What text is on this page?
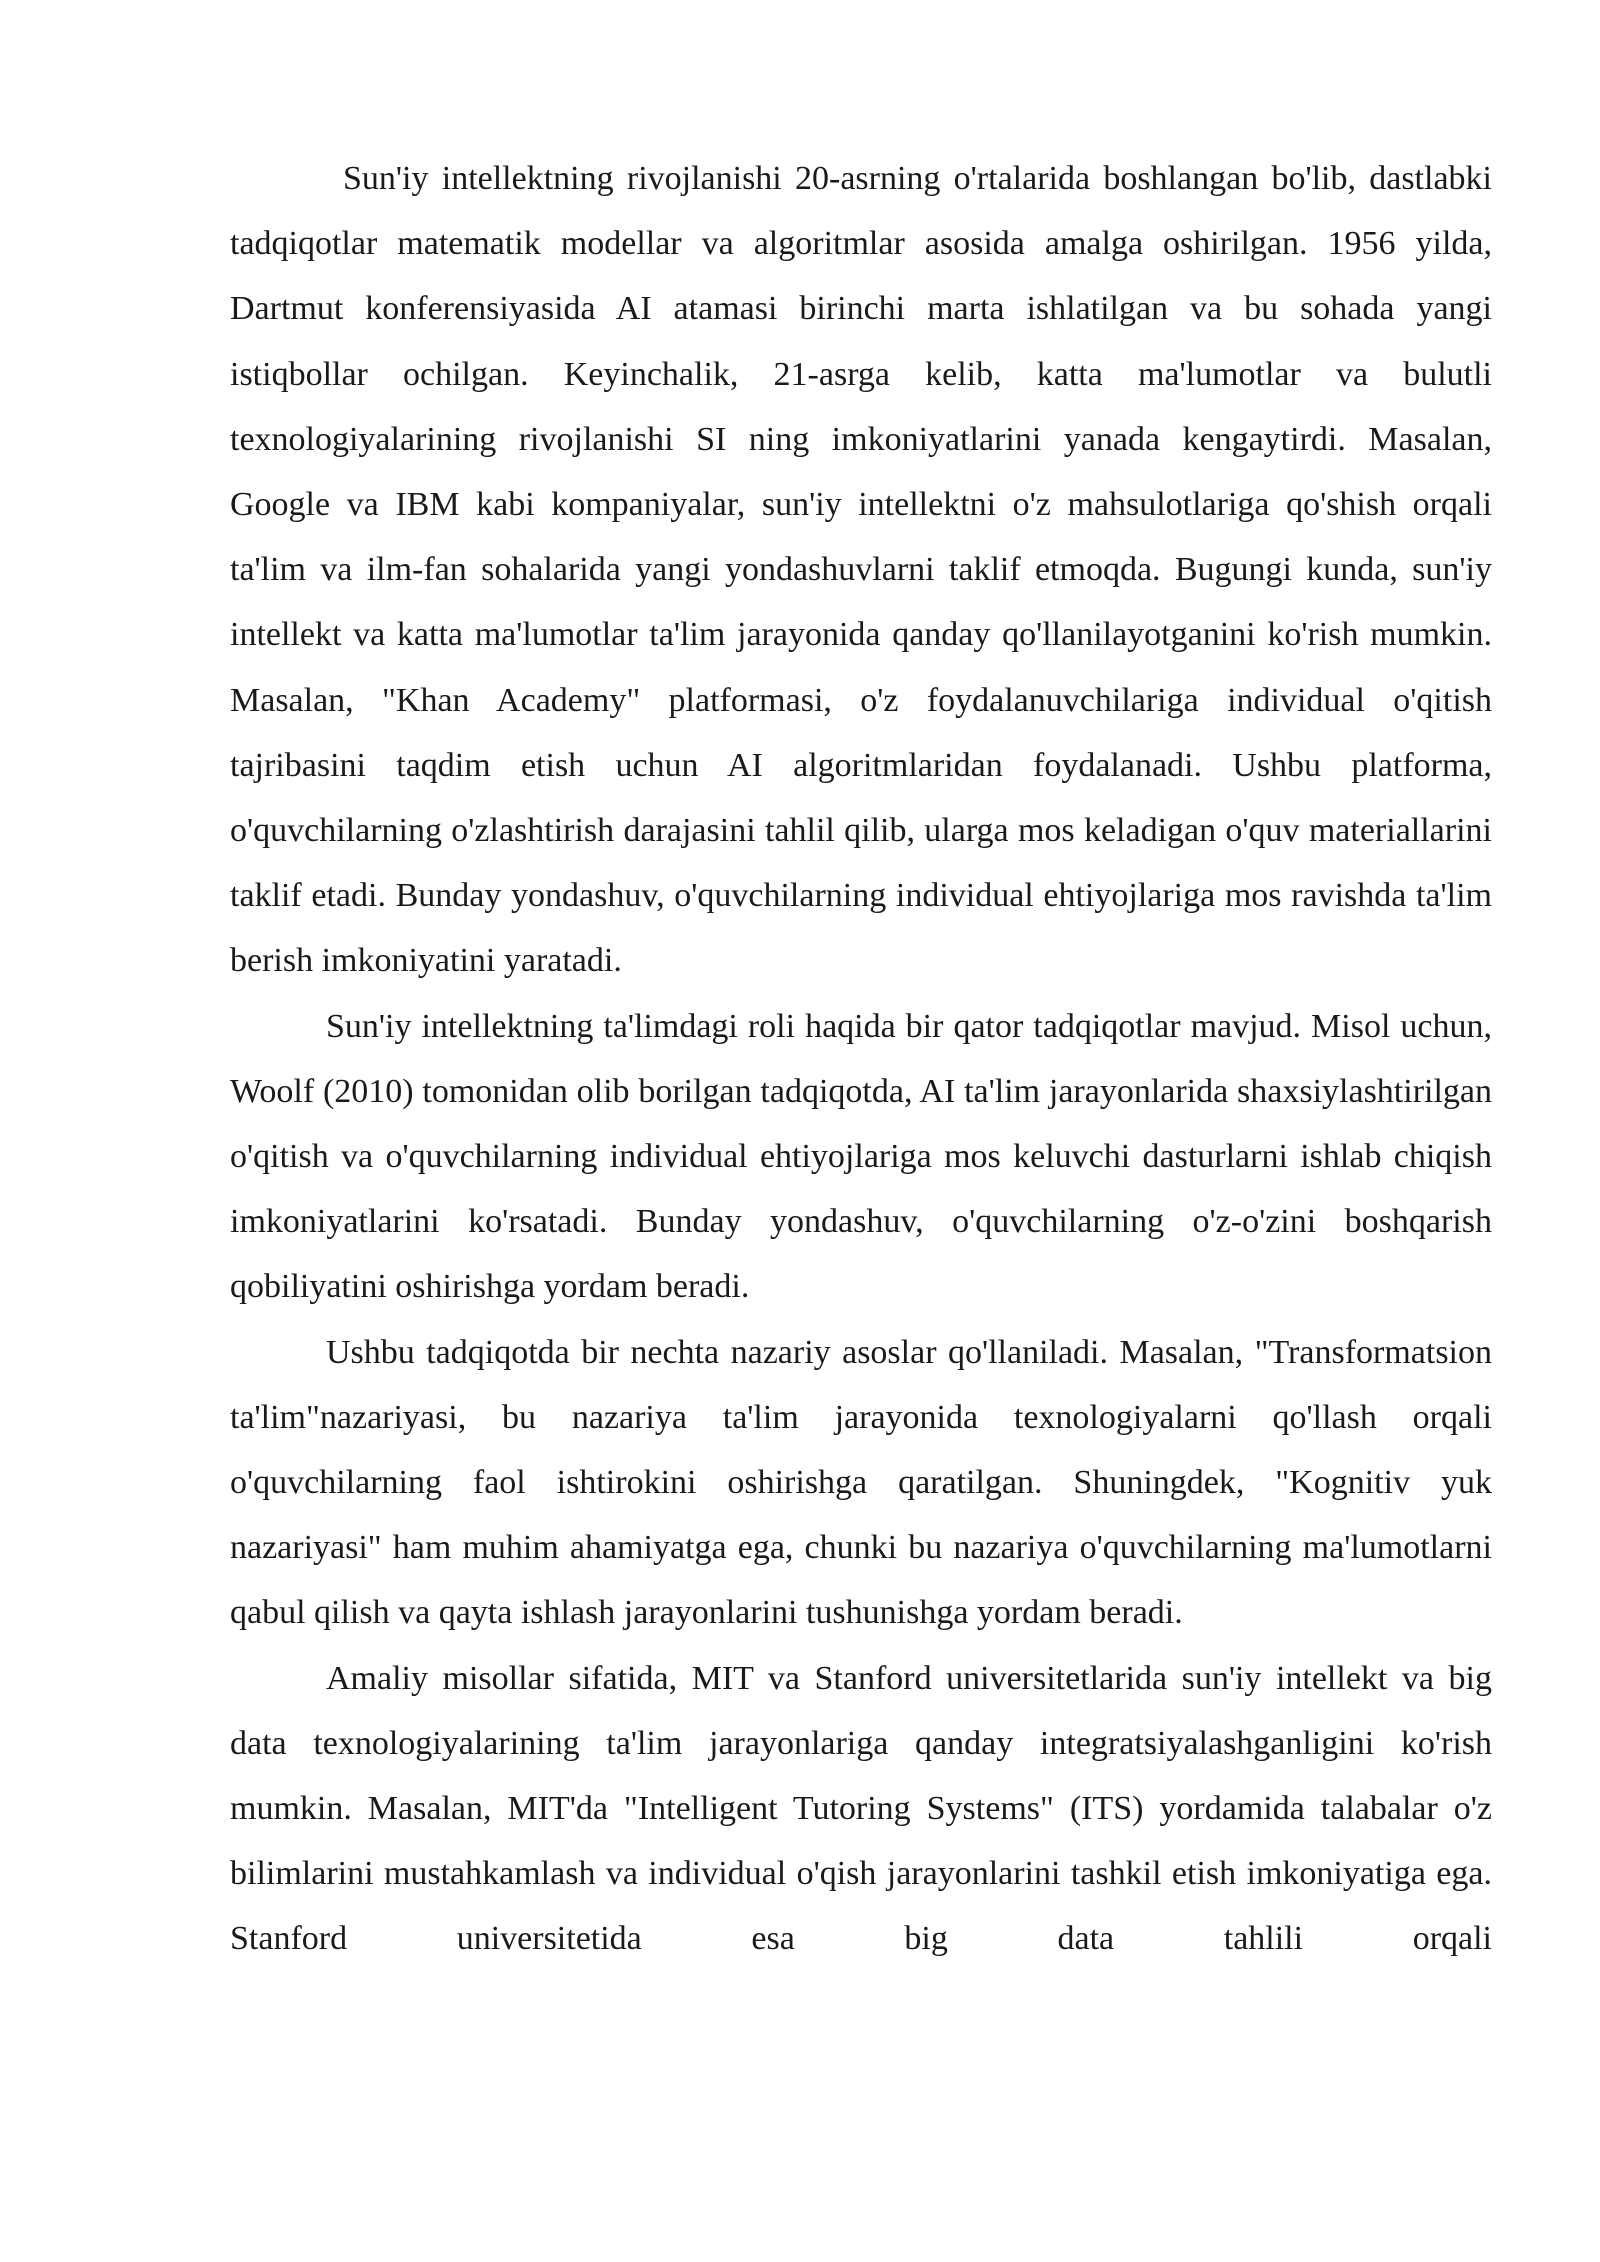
Sun'iy intellektning rivojlanishi 20-asrning o'rtalarida boshlangan bo'lib, dastlabki tadqiqotlar matematik modellar va algoritmlar asosida amalga oshirilgan. 1956 yilda, Dartmut konferensiyasida AI atamasi birinchi marta ishlatilgan va bu sohada yangi istiqbollar ochilgan. Keyinchalik, 21-asrga kelib, katta ma'lumotlar va bulutli texnologiyalarining rivojlanishi SI ning imkoniyatlarini yanada kengaytirdi. Masalan, Google va IBM kabi kompaniyalar, sun'iy intellektni o'z mahsulotlariga qo'shish orqali ta'lim va ilm-fan sohalarida yangi yondashuvlarni taklif etmoqda. Bugungi kunda, sun'iy intellekt va katta ma'lumotlar ta'lim jarayonida qanday qo'llanilayotganini ko'rish mumkin. Masalan, "Khan Academy" platformasi, o'z foydalanuvchilariga individual o'qitish tajribasini taqdim etish uchun AI algoritmlaridan foydalanadi. Ushbu platforma, o'quvchilarning o'zlashtirish darajasini tahlil qilib, ularga mos keladigan o'quv materiallarini taklif etadi. Bunday yondashuv, o'quvchilarning individual ehtiyojlariga mos ravishda ta'lim berish imkoniyatini yaratadi.

Sun'iy intellektning ta'limdagi roli haqida bir qator tadqiqotlar mavjud. Misol uchun, Woolf (2010) tomonidan olib borilgan tadqiqotda, AI ta'lim jarayonlarida shaxsiylashtirilgan o'qitish va o'quvchilarning individual ehtiyojlariga mos keluvchi dasturlarni ishlab chiqish imkoniyatlarini ko'rsatadi. Bunday yondashuv, o'quvchilarning o'z-o'zini boshqarish qobiliyatini oshirishga yordam beradi.

Ushbu tadqiqotda bir nechta nazariy asoslar qo'llaniladi. Masalan, "Transformatsion ta'lim"nazariyasi, bu nazariya ta'lim jarayonida texnologiyalarni qo'llash orqali o'quvchilarning faol ishtirokini oshirishga qaratilgan. Shuningdek, "Kognitiv yuk nazariyasi" ham muhim ahamiyatga ega, chunki bu nazariya o'quvchilarning ma'lumotlarni qabul qilish va qayta ishlash jarayonlarini tushunishga yordam beradi.

Amaliy misollar sifatida, MIT va Stanford universitetlarida sun'iy intellekt va big data texnologiyalarining ta'lim jarayonlariga qanday integratsiyalashganligini ko'rish mumkin. Masalan, MIT'da "Intelligent Tutoring Systems" (ITS) yordamida talabalar o'z bilimlarini mustahkamlash va individual o'qish jarayonlarini tashkil etish imkoniyatiga ega. Stanford universitetida esa big data tahlili orqali
